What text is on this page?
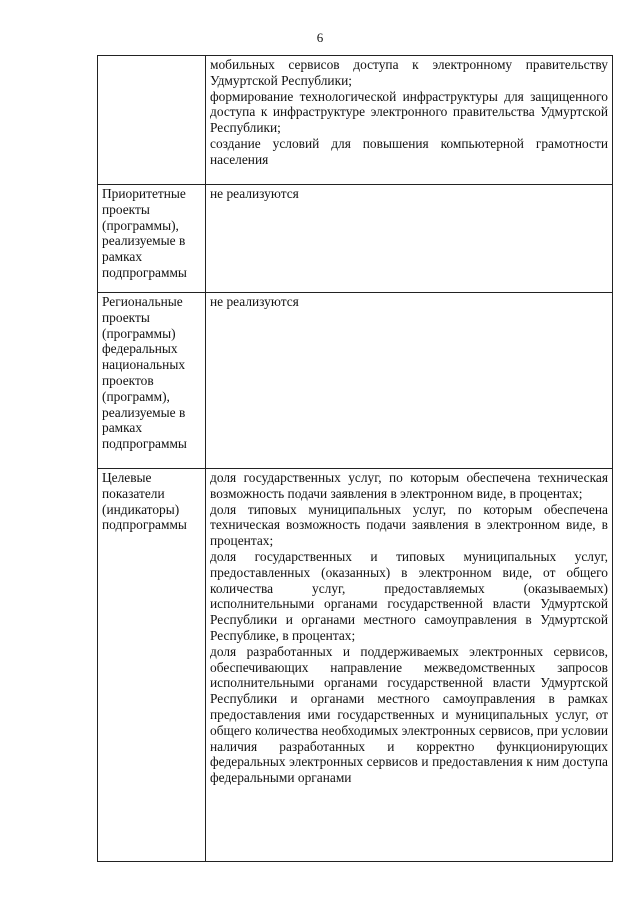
6

	мобильных сервисов доступа к электронному правительству Удмуртской Республики;

формирование технологической инфраструктуры для защищенного доступа к инфраструктуре электронного правительства Удмуртской Республики;

создание условий для повышения компьютерной грамотности населения

Приоритетные проекты (программы), реализуемые в рамках подпрограммы	не реализуются

Региональные проекты (программы) федеральных национальных проектов (программ), реализуемые в рамках подпрограммы	не реализуются

Целевые показатели (индикаторы) подпрограммы	доля государственных услуг, по которым обеспечена техническая возможность подачи заявления в электронном виде, в процентах;

доля типовых муниципальных услуг, по которым обеспечена техническая возможность подачи заявления в электронном виде, в процентах;

доля государственных и типовых муниципальных услуг, предоставленных (оказанных) в электронном виде, от общего количества услуг, предоставляемых (оказываемых) исполнительными органами государственной власти Удмуртской Республики и органами местного самоуправления в Удмуртской Республике, в процентах;

доля разработанных и поддерживаемых электронных сервисов, обеспечивающих направление межведомственных запросов исполнительными органами государственной власти Удмуртской Республики и органами местного самоуправления в рамках предоставления ими государственных и муниципальных услуг, от общего количества необходимых электронных сервисов, при условии наличия разработанных и корректно функционирующих федеральных электронных сервисов и предоставления к ним доступа федеральными органами
